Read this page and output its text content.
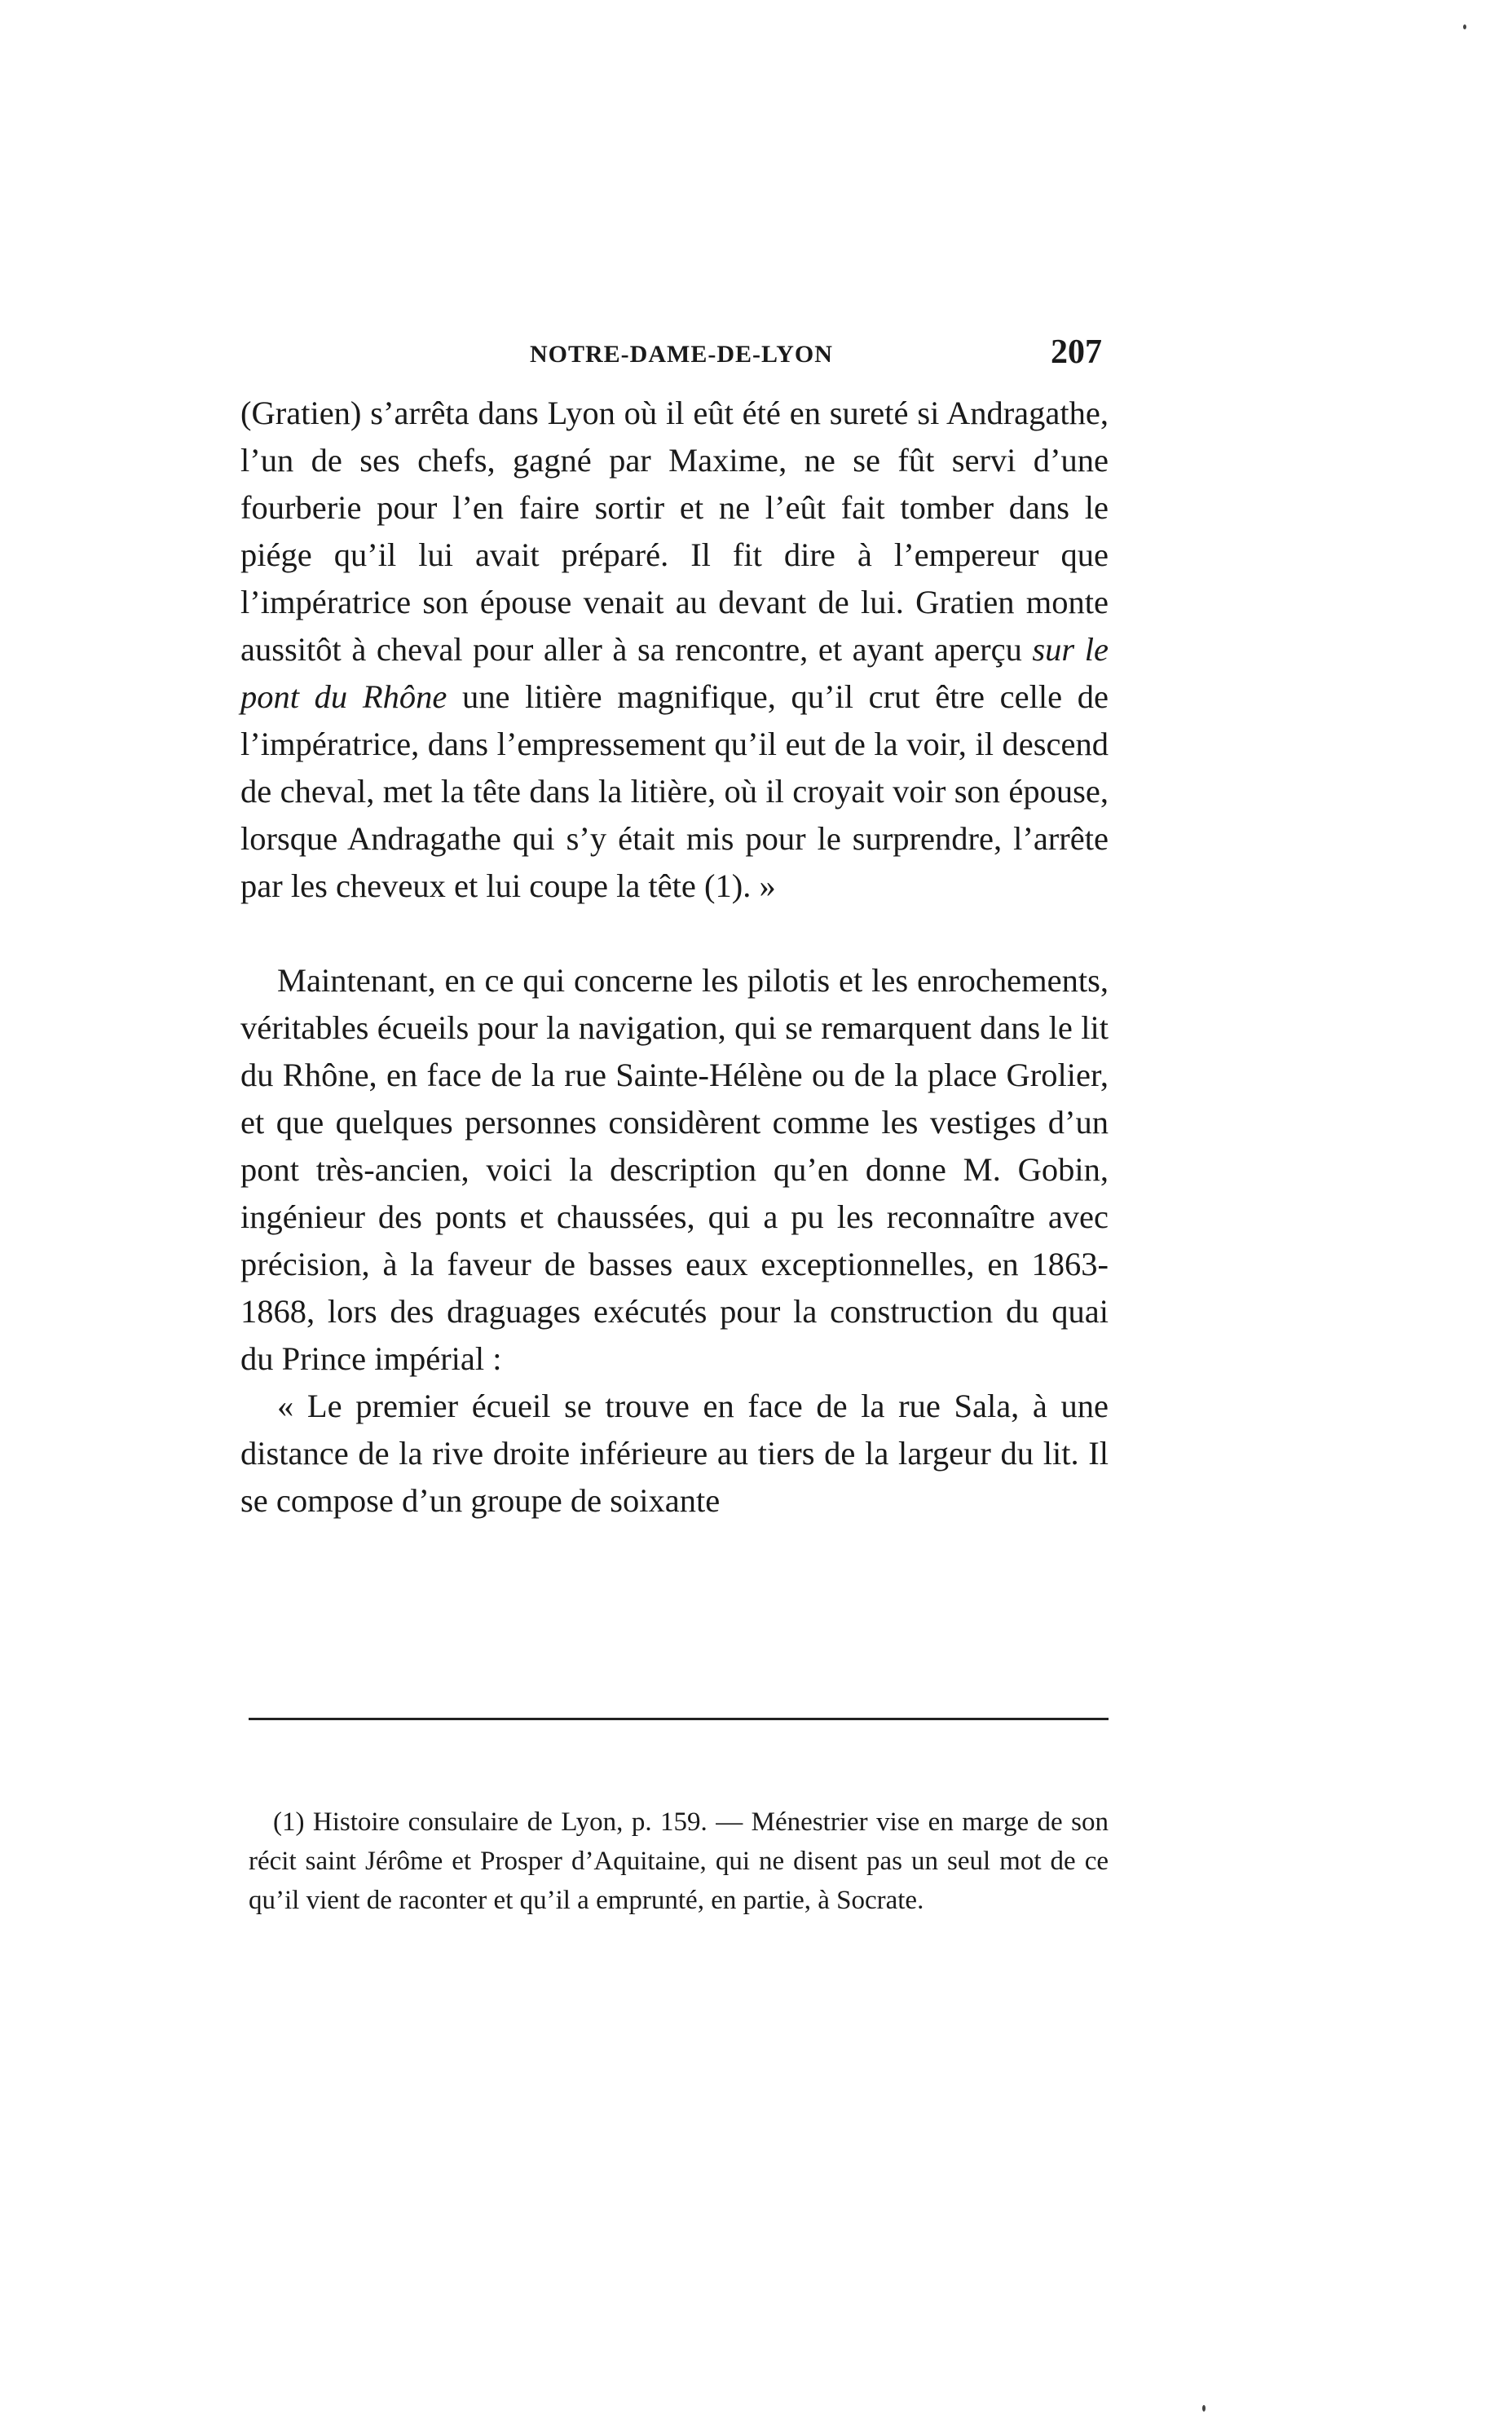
NOTRE-DAME-DE-LYON	207

(Gratien) s’arrêta dans Lyon où il eût été en sureté si Andragathe, l’un de ses chefs, gagné par Maxime, ne se fût servi d’une fourberie pour l’en faire sortir et ne l’eût fait tomber dans le piége qu’il lui avait préparé. Il fit dire à l’empereur que l’impératrice son épouse venait au devant de lui. Gratien monte aussitôt à cheval pour aller à sa rencontre, et ayant aperçu sur le pont du Rhône une litière magnifique, qu’il crut être celle de l’impératrice, dans l’empressement qu’il eut de la voir, il descend de cheval, met la tête dans la litière, où il croyait voir son épouse, lorsque Andragathe qui s’y était mis pour le surprendre, l’arrête par les cheveux et lui coupe la tête (1). »

Maintenant, en ce qui concerne les pilotis et les enrochements, véritables écueils pour la navigation, qui se remarquent dans le lit du Rhône, en face de la rue Sainte-Hélène ou de la place Grolier, et que quelques personnes considèrent comme les vestiges d’un pont très-ancien, voici la description qu’en donne M. Gobin, ingénieur des ponts et chaussées, qui a pu les reconnaître avec précision, à la faveur de basses eaux exceptionnelles, en 1863-1868, lors des draguages exécutés pour la construction du quai du Prince impérial :

« Le premier écueil se trouve en face de la rue Sala, à une distance de la rive droite inférieure au tiers de la largeur du lit. Il se compose d’un groupe de soixante

(1) Histoire consulaire de Lyon, p. 159. — Ménestrier vise en marge de son récit saint Jérôme et Prosper d’Aquitaine, qui ne disent pas un seul mot de ce qu’il vient de raconter et qu’il a emprunté, en partie, à Socrate.
